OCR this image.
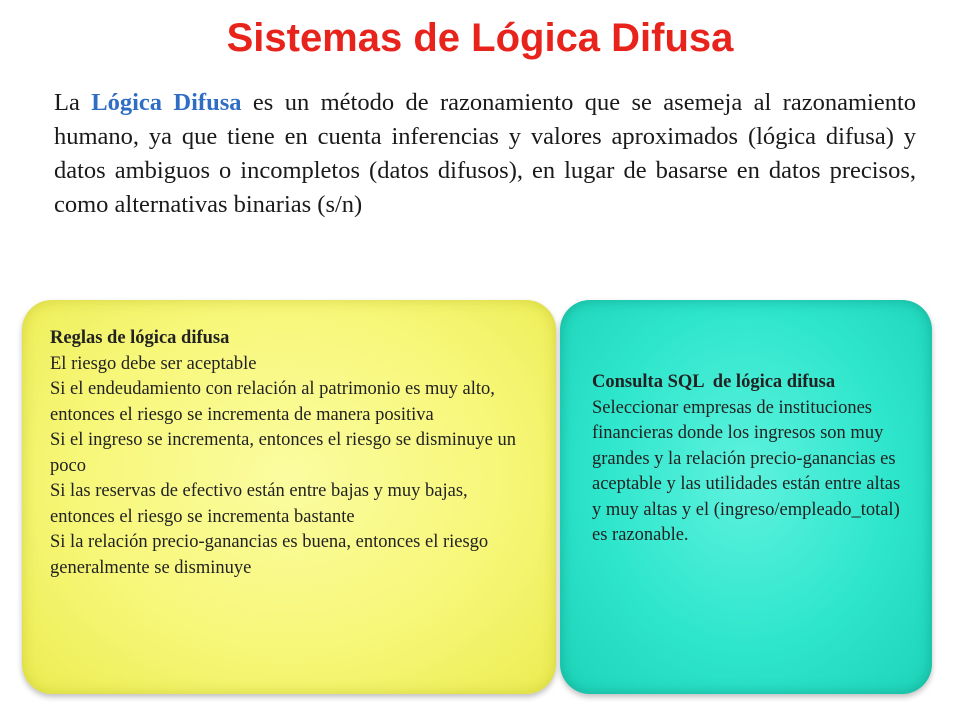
Sistemas de Lógica Difusa

La Lógica Difusa es un método de razonamiento que se asemeja al razonamiento humano, ya que tiene en cuenta inferencias y valores aproximados (lógica difusa) y datos ambiguos o incompletos (datos difusos), en lugar de basarse en datos precisos, como alternativas binarias (s/n)

Reglas de lógica difusa
El riesgo debe ser aceptable
Si el endeudamiento con relación al patrimonio es muy alto, entonces el riesgo se incrementa de manera positiva
Si el ingreso se incrementa, entonces el riesgo se disminuye un poco
Si las reservas de efectivo están entre bajas y muy bajas, entonces el riesgo se incrementa bastante
Si la relación precio-ganancias es buena, entonces el riesgo generalmente se disminuye

Consulta SQL  de lógica difusa
Seleccionar empresas de instituciones financieras donde los ingresos son muy grandes y la relación precio-ganancias es aceptable y las utilidades están entre altas y muy altas y el (ingreso/empleado_total) es razonable.
